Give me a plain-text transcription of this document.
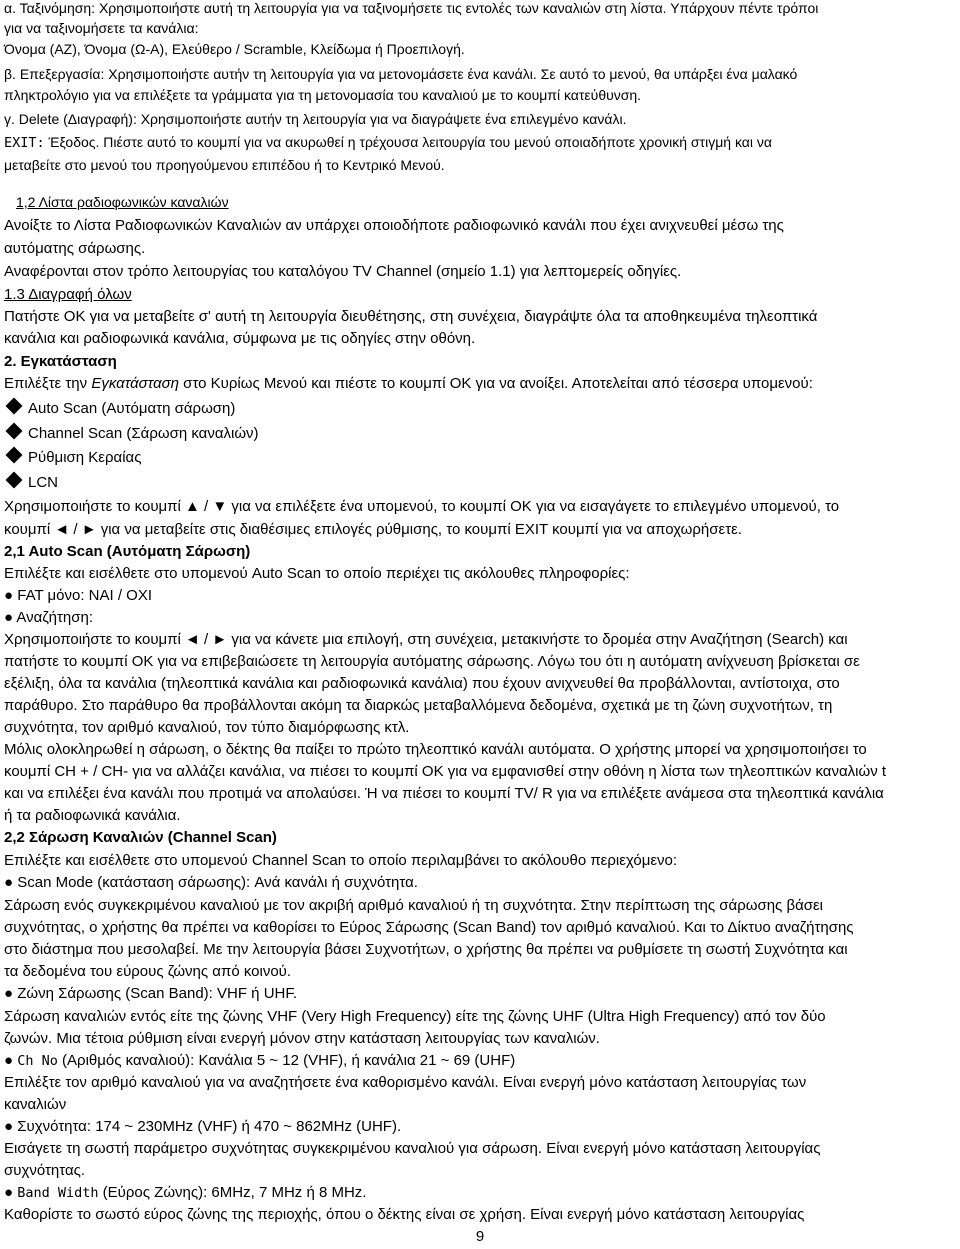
α. Ταξινόμηση: Χρησιμοποιήστε αυτή τη λειτουργία για να ταξινομήσετε τις εντολές των καναλιών στη λίστα. Υπάρχουν πέντε τρόποι
για να ταξινομήσετε τα κανάλια:
Όνομα (ΑΖ), Όνομα (Ω-Α), Ελεύθερο / Scramble, Κλείδωμα ή Προεπιλογή.
β. Επεξεργασία: Χρησιμοποιήστε αυτήν τη λειτουργία για να μετονομάσετε ένα κανάλι. Σε αυτό το μενού, θα υπάρξει ένα μαλακό
πληκτρολόγιο για να επιλέξετε τα γράμματα για τη μετονομασία του καναλιού με το κουμπί κατεύθυνση.
γ. Delete (Διαγραφή): Χρησιμοποιήστε αυτήν τη λειτουργία για να διαγράψετε ένα επιλεγμένο κανάλι.
EXIT: Έξοδος. Πιέστε αυτό το κουμπί για να ακυρωθεί η τρέχουσα λειτουργία του μενού οποιαδήποτε χρονική στιγμή και να
μεταβείτε στο μενού του προηγούμενου επιπέδου ή το Κεντρικό Μενού.
1,2 Λίστα ραδιοφωνικών καναλιών
Ανοίξτε το Λίστα Ραδιοφωνικών Καναλιών αν υπάρχει οποιοδήποτε ραδιοφωνικό κανάλι που έχει ανιχνευθεί μέσω της
αυτόματης σάρωσης.
Αναφέρονται στον τρόπο λειτουργίας του καταλόγου TV Channel (σημείο 1.1) για λεπτομερείς οδηγίες.
1.3 Διαγραφή όλων
Πατήστε OK για να μεταβείτε σ' αυτή τη λειτουργία διευθέτησης, στη συνέχεια, διαγράψτε όλα τα αποθηκευμένα τηλεοπτικά
κανάλια και ραδιοφωνικά κανάλια, σύμφωνα με τις οδηγίες στην οθόνη.
2. Εγκατάσταση
Επιλέξτε την Εγκατάσταση στο Κυρίως Μενού και πιέστε το κουμπί OK για να ανοίξει. Αποτελείται από τέσσερα υπομενού:
Auto Scan (Αυτόματη σάρωση)
Channel Scan (Σάρωση καναλιών)
Ρύθμιση Κεραίας
LCN
Χρησιμοποιήστε το κουμπί ▲ / ▼ για να επιλέξετε ένα υπομενού, το κουμπί OK για να εισαγάγετε το επιλεγμένο υπομενού, το
κουμπί ◄ / ► για να μεταβείτε στις διαθέσιμες επιλογές ρύθμισης, το κουμπί EXIT κουμπί για να αποχωρήσετε.
2,1 Auto Scan (Αυτόματη Σάρωση)
Επιλέξτε και εισέλθετε στο υπομενού Auto Scan το οποίο περιέχει τις ακόλουθες πληροφορίες:
● FAT μόνο: ΝΑΙ / ΟΧΙ
● Αναζήτηση:
Χρησιμοποιήστε το κουμπί ◄ / ► για να κάνετε μια επιλογή, στη συνέχεια, μετακινήστε το δρομέα στην Αναζήτηση (Search) και
πατήστε το κουμπί OK για να επιβεβαιώσετε τη λειτουργία αυτόματης σάρωσης. Λόγω του ότι η αυτόματη ανίχνευση βρίσκεται σε
εξέλιξη, όλα τα κανάλια (τηλεοπτικά κανάλια και ραδιοφωνικά κανάλια) που έχουν ανιχνευθεί θα προβάλλονται, αντίστοιχα, στο
παράθυρο. Στο παράθυρο θα προβάλλονται ακόμη τα διαρκώς μεταβαλλόμενα δεδομένα, σχετικά με τη ζώνη συχνοτήτων, τη
συχνότητα, τον αριθμό καναλιού, τον τύπο διαμόρφωσης κτλ.
Μόλις ολοκληρωθεί η σάρωση, ο δέκτης θα παίξει το πρώτο τηλεοπτικό κανάλι αυτόματα. Ο χρήστης μπορεί να χρησιμοποιήσει το
κουμπί CH + / CH- για να αλλάζει κανάλια, να πιέσει το κουμπί OK για να εμφανισθεί στην οθόνη η λίστα των τηλεοπτικών καναλιών t
και να επιλέξει ένα κανάλι που προτιμά να απολαύσει. Ή να πιέσει το κουμπί TV/ R για να επιλέξετε ανάμεσα στα τηλεοπτικά κανάλια
ή τα ραδιοφωνικά κανάλια.
2,2 Σάρωση Καναλιών (Channel Scan)
Επιλέξτε και εισέλθετε στο υπομενού Channel Scan το οποίο περιλαμβάνει το ακόλουθο περιεχόμενο:
● Scan Mode (κατάσταση σάρωσης): Ανά κανάλι ή συχνότητα.
Σάρωση ενός συγκεκριμένου καναλιού με τον ακριβή αριθμό καναλιού ή τη συχνότητα. Στην περίπτωση της σάρωσης βάσει
συχνότητας, ο χρήστης θα πρέπει να καθορίσει το Εύρος Σάρωσης (Scan Band) τον αριθμό καναλιού. Και το Δίκτυο αναζήτησης
στο διάστημα που μεσολαβεί. Με την λειτουργία βάσει Συχνοτήτων, ο χρήστης θα πρέπει να ρυθμίσετε τη σωστή Συχνότητα και
τα δεδομένα του εύρους ζώνης από κοινού.
● Ζώνη Σάρωσης (Scan Band): VHF ή UHF.
Σάρωση καναλιών εντός είτε της ζώνης VHF (Very High Frequency) είτε της ζώνης UHF (Ultra High Frequency) από τον δύο
ζωνών. Μια τέτοια ρύθμιση είναι ενεργή μόνον στην κατάσταση λειτουργίας των καναλιών.
● Ch No (Αριθμός καναλιού): Κανάλια 5 ~ 12 (VHF), ή κανάλια 21 ~ 69 (UHF)
Επιλέξτε τον αριθμό καναλιού για να αναζητήσετε ένα καθορισμένο κανάλι. Είναι ενεργή μόνο κατάσταση λειτουργίας των
καναλιών
● Συχνότητα: 174 ~ 230MHz (VHF) ή 470 ~ 862MHz (UHF).
Εισάγετε τη σωστή παράμετρο συχνότητας συγκεκριμένου καναλιού για σάρωση. Είναι ενεργή μόνο κατάσταση λειτουργίας
συχνότητας.
● Band Width (Εύρος Ζώνης): 6MHz, 7 MHz ή 8 MHz.
Καθορίστε το σωστό εύρος ζώνης της περιοχής, όπου ο δέκτης είναι σε χρήση. Είναι ενεργή μόνο κατάσταση λειτουργίας
9
